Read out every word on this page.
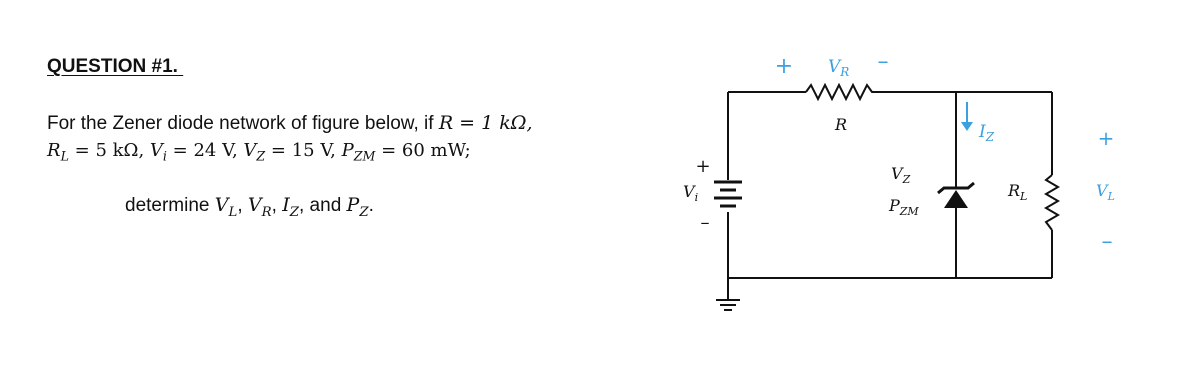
QUESTION #1.
For the Zener diode network of figure below, if R = 1 kΩ,
$R_L = 5$ kΩ, $V_i = 24$ V, $V_Z = 15$ V, $P_{ZM} = 60$ mW;
determine $V_L$, $V_R$, $I_Z$, and $P_Z$.
+ $V_R$ –
R	$I_Z$
$V_Z$
$P_{ZM}$
+
$V_i$
–
$R_L$
+
$V_L$
–
